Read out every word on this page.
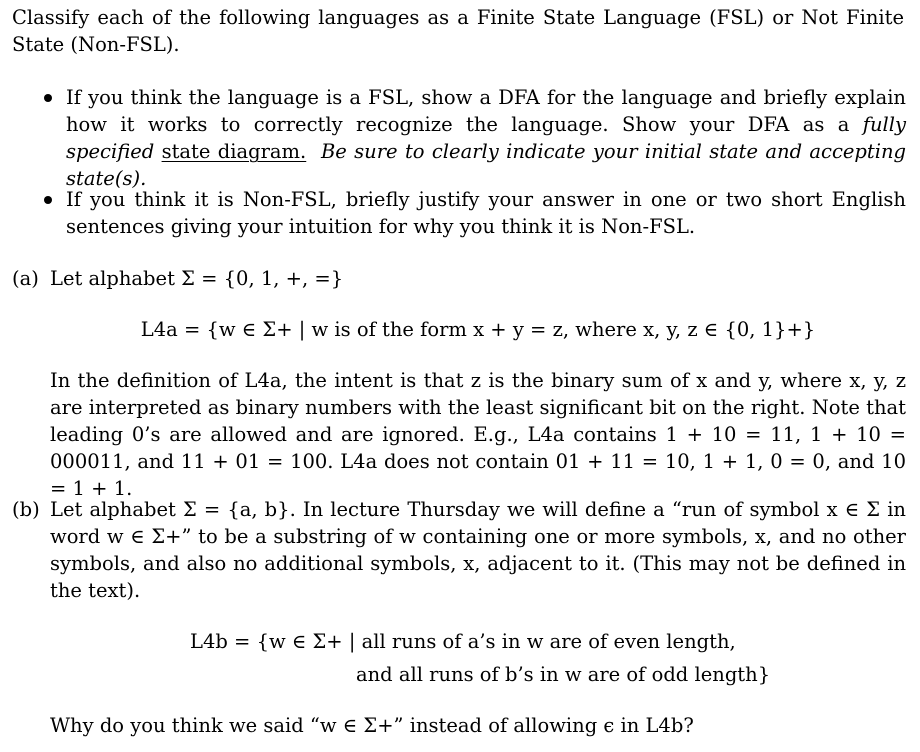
Classify each of the following languages as a Finite State Language (FSL) or Not Finite State (Non-FSL).
If you think the language is a FSL, show a DFA for the language and briefly explain how it works to correctly recognize the language. Show your DFA as a fully specified state diagram. Be sure to clearly indicate your initial state and accepting state(s).
If you think it is Non-FSL, briefly justify your answer in one or two short English sentences giving your intuition for why you think it is Non-FSL.
(a) Let alphabet Σ = {0, 1, +, =}
L4a = {w ∈ Σ+ | w is of the form x + y = z, where x, y, z ∈ {0, 1}+}
In the definition of L4a, the intent is that z is the binary sum of x and y, where x, y, z are interpreted as binary numbers with the least significant bit on the right. Note that leading 0’s are allowed and are ignored. E.g., L4a contains 1 + 10 = 11, 1 + 10 = 000011, and 11 + 01 = 100. L4a does not contain 01 + 11 = 10, 1 + 1, 0 = 0, and 10 = 1 + 1.
(b) Let alphabet Σ = {a, b}. In lecture Thursday we will define a “run of symbol x ∈ Σ in word w ∈ Σ+” to be a substring of w containing one or more symbols, x, and no other symbols, and also no additional symbols, x, adjacent to it. (This may not be defined in the text).
L4b = {w ∈ Σ+ | all runs of a’s in w are of even length,
and all runs of b’s in w are of odd length}
Why do you think we said “w ∈ Σ+” instead of allowing ϵ in L4b?
